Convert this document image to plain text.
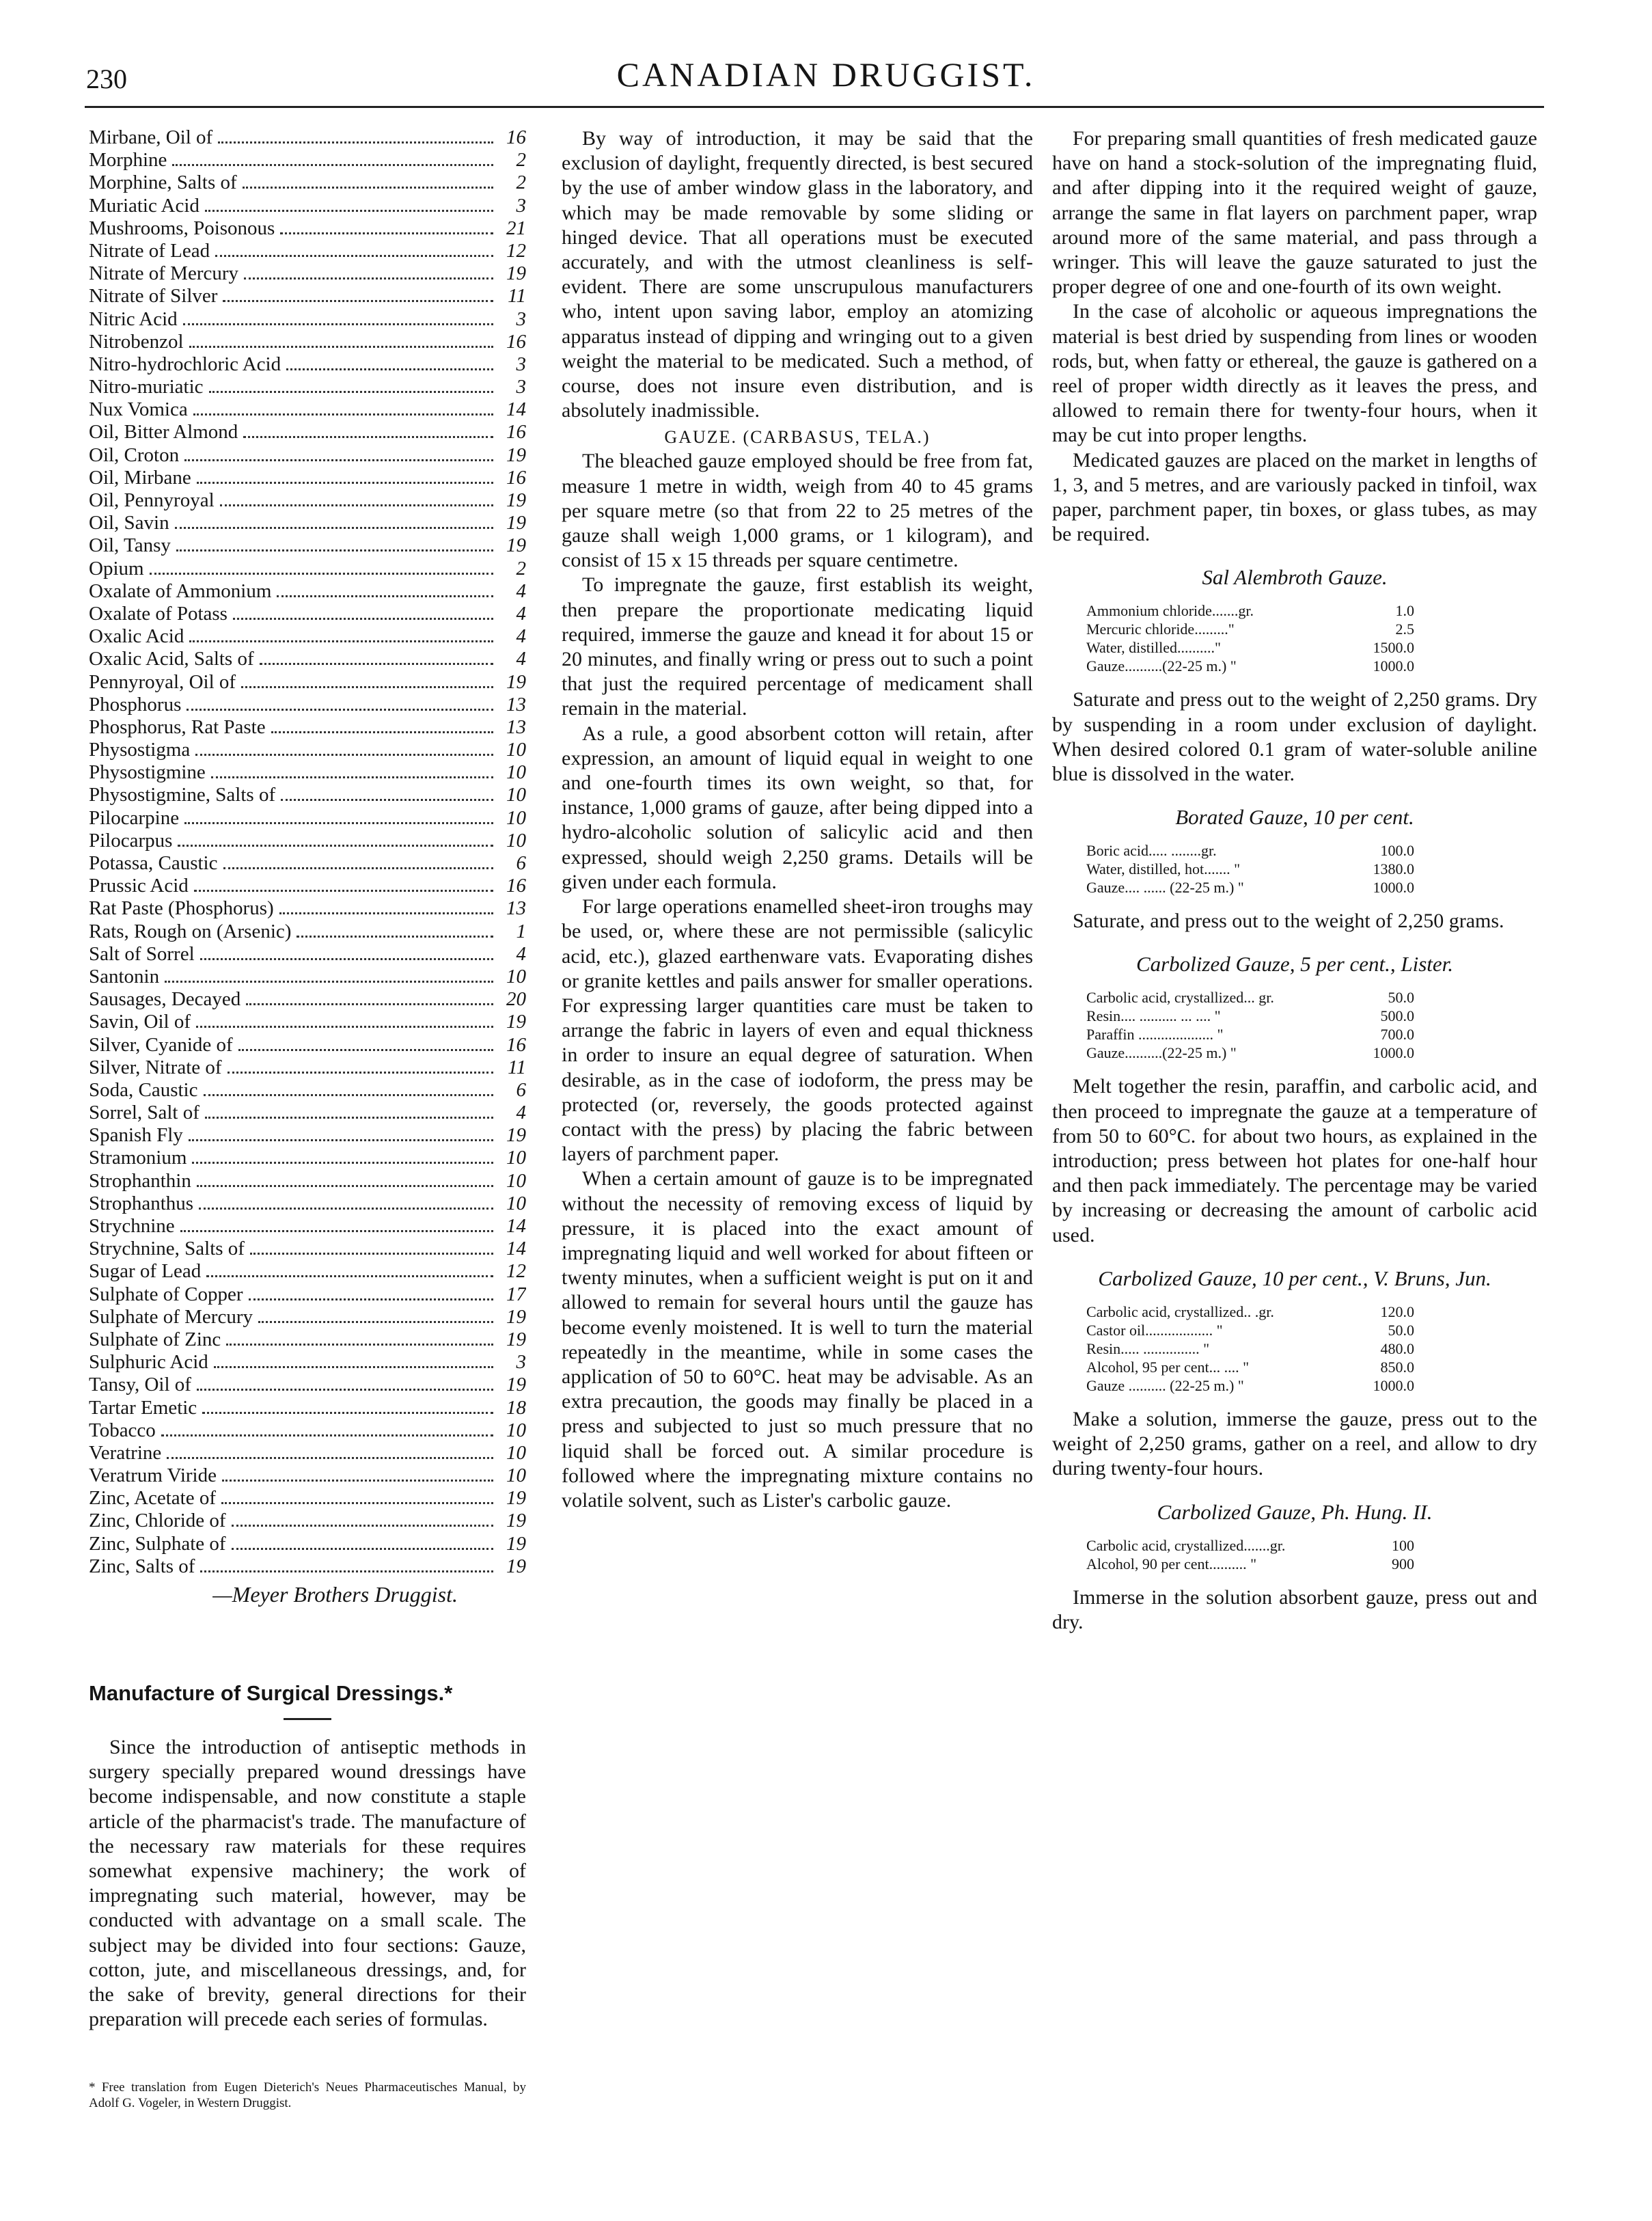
230	CANADIAN DRUGGIST.
Mirbane, Oil of	16
Morphine	2
Morphine, Salts of	2
Muriatic Acid	3
Mushrooms, Poisonous	21
Nitrate of Lead	12
Nitrate of Mercury	19
Nitrate of Silver	11
Nitric Acid	3
Nitrobenzol	16
Nitro-hydrochloric Acid	3
Nitro-muriatic	3
Nux Vomica	14
Oil, Bitter Almond	16
Oil, Croton	19
Oil, Mirbane	16
Oil, Pennyroyal	19
Oil, Savin	19
Oil, Tansy	19
Opium	2
Oxalate of Ammonium	4
Oxalate of Potass	4
Oxalic Acid	4
Oxalic Acid, Salts of	4
Pennyroyal, Oil of	19
Phosphorus	13
Phosphorus, Rat Paste	13
Physostigma	10
Physostigmine	10
Physostigmine, Salts of	10
Pilocarpine	10
Pilocarpus	10
Potassa, Caustic	6
Prussic Acid	16
Rat Paste (Phosphorus)	13
Rats, Rough on (Arsenic)	1
Salt of Sorrel	4
Santonin	10
Sausages, Decayed	20
Savin, Oil of	19
Silver, Cyanide of	16
Silver, Nitrate of	11
Soda, Caustic	6
Sorrel, Salt of	4
Spanish Fly	19
Stramonium	10
Strophanthin	10
Strophanthus	10
Strychnine	14
Strychnine, Salts of	14
Sugar of Lead	12
Sulphate of Copper	17
Sulphate of Mercury	19
Sulphate of Zinc	19
Sulphuric Acid	3
Tansy, Oil of	19
Tartar Emetic	18
Tobacco	10
Veratrine	10
Veratrum Viride	10
Zinc, Acetate of	19
Zinc, Chloride of	19
Zinc, Sulphate of	19
Zinc, Salts of	19
—Meyer Brothers Druggist.
Manufacture of Surgical Dressings.*

Since the introduction of antiseptic methods in surgery specially prepared wound dressings have become indispensable, and now constitute a staple article of the pharmacist's trade. The manufacture of the necessary raw materials for these requires somewhat expensive machinery; the work of impregnating such material, however, may be conducted with advantage on a small scale. The subject may be divided into four sections: Gauze, cotton, jute, and miscellaneous dressings, and, for the sake of brevity, general directions for their preparation will precede each series of formulas.

* Free translation from Eugen Dieterich's Neues Pharmaceutisches Manual, by Adolf G. Vogeler, in Western Druggist.

By way of introduction, it may be said that the exclusion of daylight, frequently directed, is best secured by the use of amber window glass in the laboratory, and which may be made removable by some sliding or hinged device. That all operations must be executed accurately, and with the utmost cleanliness is self-evident. There are some unscrupulous manufacturers who, intent upon saving labor, employ an atomizing apparatus instead of dipping and wringing out to a given weight the material to be medicated. Such a method, of course, does not insure even distribution, and is absolutely inadmissible.

GAUZE. (CARBASUS, TELA.)

The bleached gauze employed should be free from fat, measure 1 metre in width, weigh from 40 to 45 grams per square metre (so that from 22 to 25 metres of the gauze shall weigh 1,000 grams, or 1 kilogram), and consist of 15 x 15 threads per square centimetre.

To impregnate the gauze, first establish its weight, then prepare the proportionate medicating liquid required, immerse the gauze and knead it for about 15 or 20 minutes, and finally wring or press out to such a point that just the required percentage of medicament shall remain in the material.

As a rule, a good absorbent cotton will retain, after expression, an amount of liquid equal in weight to one and one-fourth times its own weight, so that, for instance, 1,000 grams of gauze, after being dipped into a hydro-alcoholic solution of salicylic acid and then expressed, should weigh 2,250 grams. Details will be given under each formula.

For large operations enamelled sheet-iron troughs may be used, or, where these are not permissible (salicylic acid, etc.), glazed earthenware vats. Evaporating dishes or granite kettles and pails answer for smaller operations. For expressing larger quantities care must be taken to arrange the fabric in layers of even and equal thickness in order to insure an equal degree of saturation. When desirable, as in the case of iodoform, the press may be protected (or, reversely, the goods protected against contact with the press) by placing the fabric between layers of parchment paper.

When a certain amount of gauze is to be impregnated without the necessity of removing excess of liquid by pressure, it is placed into the exact amount of impregnating liquid and well worked for about fifteen or twenty minutes, when a sufficient weight is put on it and allowed to remain for several hours until the gauze has become evenly moistened. It is well to turn the material repeatedly in the meantime, while in some cases the application of 50 to 60°C. heat may be advisable. As an extra precaution, the goods may finally be placed in a press and subjected to just so much pressure that no liquid shall be forced out. A similar procedure is followed where the impregnating mixture contains no volatile solvent, such as Lister's carbolic gauze.

For preparing small quantities of fresh medicated gauze have on hand a stock-solution of the impregnating fluid, and after dipping into it the required weight of gauze, arrange the same in flat layers on parchment paper, wrap around more of the same material, and pass through a wringer. This will leave the gauze saturated to just the proper degree of one and one-fourth of its own weight.

In the case of alcoholic or aqueous impregnations the material is best dried by suspending from lines or wooden rods, but, when fatty or ethereal, the gauze is gathered on a reel of proper width directly as it leaves the press, and allowed to remain there for twenty-four hours, when it may be cut into proper lengths.

Medicated gauzes are placed on the market in lengths of 1, 3, and 5 metres, and are variously packed in tinfoil, wax paper, parchment paper, tin boxes, or glass tubes, as may be required.

Sal Alembroth Gauze.
Ammonium chloride.......gr.	1.0
Mercuric chloride........."	2.5
Water, distilled.........."	1500.0
Gauze..........(22-25 m.) "	1000.0

Saturate and press out to the weight of 2,250 grams. Dry by suspending in a room under exclusion of daylight. When desired colored 0.1 gram of water-soluble aniline blue is dissolved in the water.

Borated Gauze, 10 per cent.
Boric acid..... ........gr.	100.0
Water, distilled, hot....... "	1380.0
Gauze.... ...... (22-25 m.) "	1000.0

Saturate, and press out to the weight of 2,250 grams.

Carbolized Gauze, 5 per cent., Lister.
Carbolic acid, crystallized... gr.	50.0
Resin.... .......... ... .... "	500.0
Paraffin .................... "	700.0
Gauze..........(22-25 m.) "	1000.0

Melt together the resin, paraffin, and carbolic acid, and then proceed to impregnate the gauze at a temperature of from 50 to 60°C. for about two hours, as explained in the introduction; press between hot plates for one-half hour and then pack immediately. The percentage may be varied by increasing or decreasing the amount of carbolic acid used.

Carbolized Gauze, 10 per cent., V. Bruns, Jun.
Carbolic acid, crystallized.. .gr.	120.0
Castor oil.................. "	50.0
Resin..... ............... "	480.0
Alcohol, 95 per cent... .... "	850.0
Gauze .......... (22-25 m.) "	1000.0

Make a solution, immerse the gauze, press out to the weight of 2,250 grams, gather on a reel, and allow to dry during twenty-four hours.

Carbolized Gauze, Ph. Hung. II.
Carbolic acid, crystallized.......gr.	100
Alcohol, 90 per cent.......... "	900

Immerse in the solution absorbent gauze, press out and dry.
